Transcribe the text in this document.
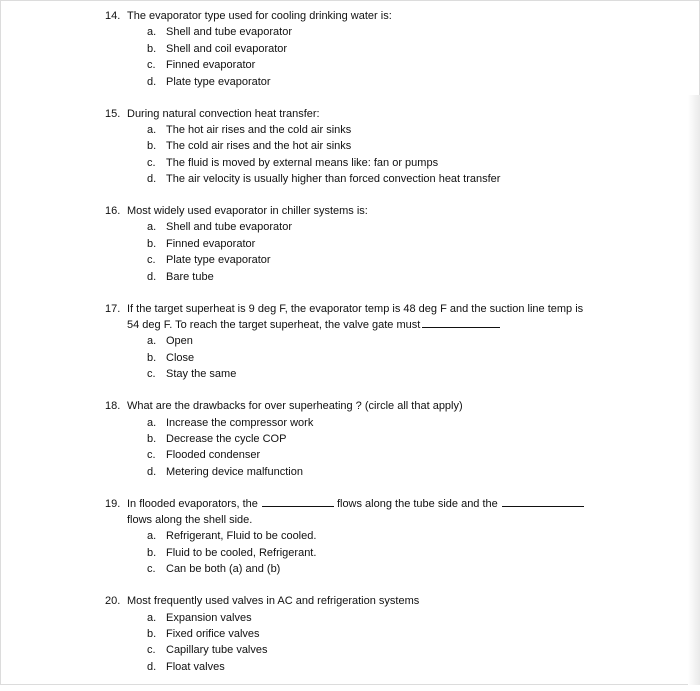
14. The evaporator type used for cooling drinking water is:
a. Shell and tube evaporator
b. Shell and coil evaporator
c. Finned evaporator
d. Plate type evaporator
15. During natural convection heat transfer:
a. The hot air rises and the cold air sinks
b. The cold air rises and the hot air sinks
c. The fluid is moved by external means like: fan or pumps
d. The air velocity is usually higher than forced convection heat transfer
16. Most widely used evaporator in chiller systems is:
a. Shell and tube evaporator
b. Finned evaporator
c. Plate type evaporator
d. Bare tube
17. If the target superheat is 9 deg F, the evaporator temp is 48 deg F and the suction line temp is
54 deg F. To reach the target superheat, the valve gate must
a. Open
b. Close
c. Stay the same
18. What are the drawbacks for over superheating ? (circle all that apply)
a. Increase the compressor work
b. Decrease the cycle COP
c. Flooded condenser
d. Metering device malfunction
19. In flooded evaporators, the	flows along the tube side and the
flows along the shell side.
a. Refrigerant, Fluid to be cooled.
b. Fluid to be cooled, Refrigerant.
c. Can be both (a) and (b)
20. Most frequently used valves in AC and refrigeration systems
a. Expansion valves
b. Fixed orifice valves
c. Capillary tube valves
d. Float valves
